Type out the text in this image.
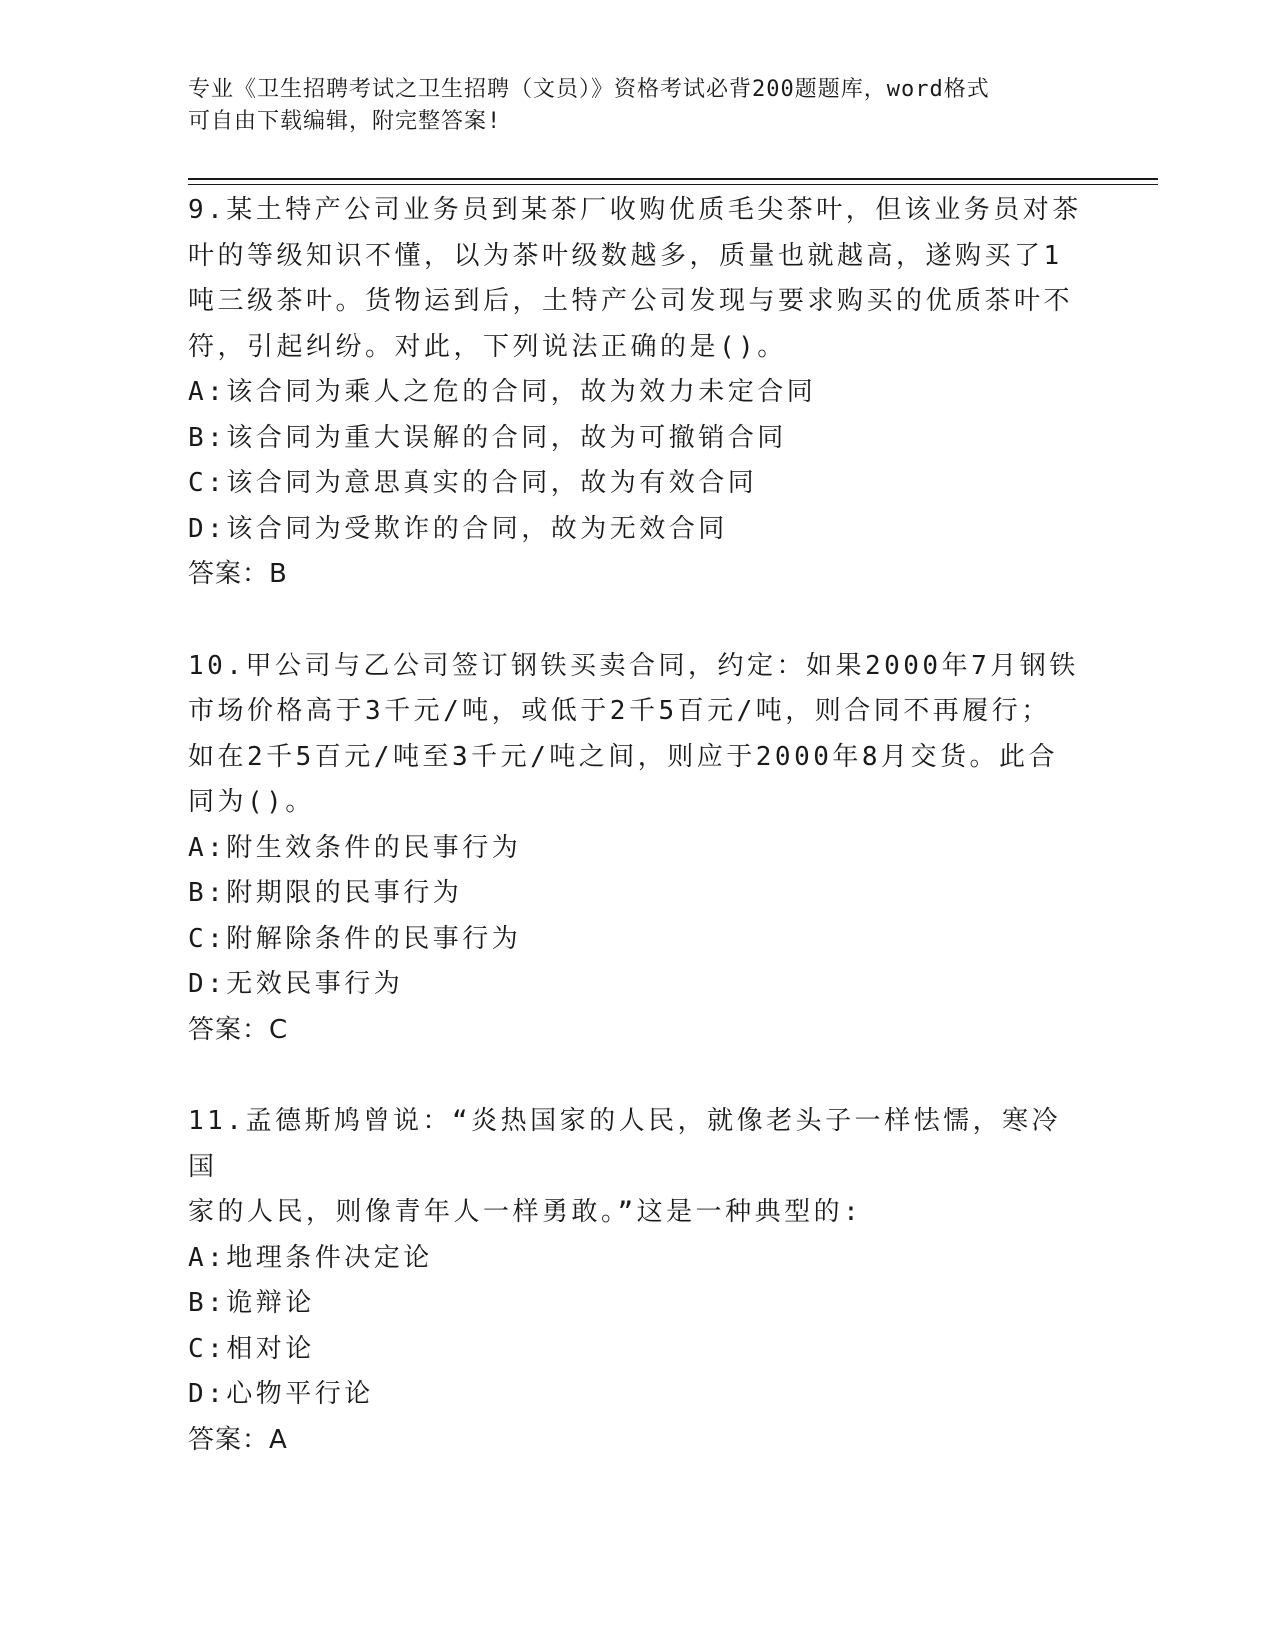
专业《卫生招聘考试之卫生招聘（文员）》资格考试必背200题题库，word格式
可自由下载编辑，附完整答案!
9.某土特产公司业务员到某茶厂收购优质毛尖茶叶，但该业务员对茶
叶的等级知识不懂，以为茶叶级数越多，质量也就越高，遂购买了1
吨三级茶叶。货物运到后，土特产公司发现与要求购买的优质茶叶不
符，引起纠纷。对此，下列说法正确的是()。
A:该合同为乘人之危的合同，故为效力未定合同
B:该合同为重大误解的合同，故为可撤销合同
C:该合同为意思真实的合同，故为有效合同
D:该合同为受欺诈的合同，故为无效合同
答案：B
10.甲公司与乙公司签订钢铁买卖合同，约定：如果2000年7月钢铁
市场价格高于3千元/吨，或低于2千5百元/吨，则合同不再履行；
如在2千5百元/吨至3千元/吨之间，则应于2000年8月交货。此合
同为()。
A:附生效条件的民事行为
B:附期限的民事行为
C:附解除条件的民事行为
D:无效民事行为
答案：C
11.孟德斯鸠曾说：“炎热国家的人民，就像老头子一样怯懦，寒冷国
家的人民，则像青年人一样勇敢。”这是一种典型的:
A:地理条件决定论
B:诡辩论
C:相对论
D:心物平行论
答案：A
